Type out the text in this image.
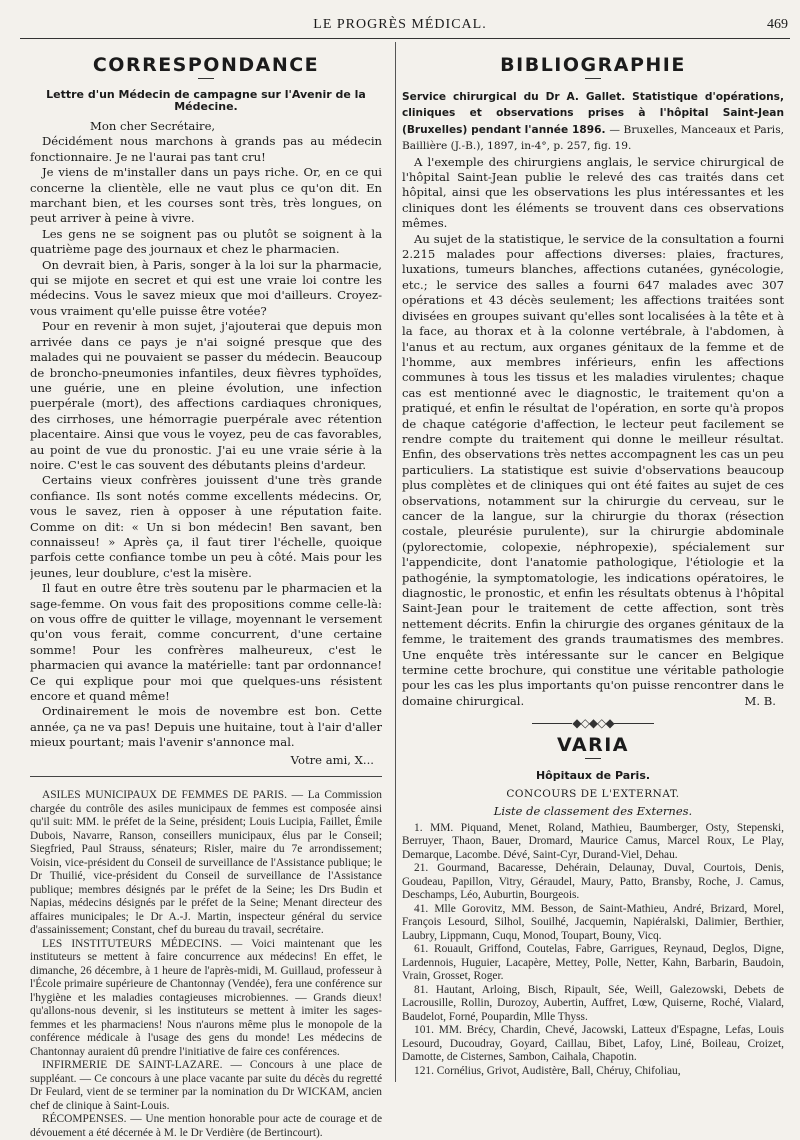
LE PROGRÈS MÉDICAL.	469
CORRESPONDANCE
Lettre d'un Médecin de campagne sur l'Avenir de la Médecine.

Mon cher Secrétaire,

Décidément nous marchons à grands pas au médecin fonctionnaire. Je ne l'aurai pas tant cru!

Je viens de m'installer dans un pays riche. Or, en ce qui concerne la clientèle, elle ne vaut plus ce qu'on dit. En marchant bien, et les courses sont très, très longues, on peut arriver à peine à vivre.

Les gens ne se soignent pas ou plutôt se soignent à la quatrième page des journaux et chez le pharmacien.

On devrait bien, à Paris, songer à la loi sur la pharmacie, qui se mijote en secret et qui est une vraie loi contre les médecins. Vous le savez mieux que moi d'ailleurs. Croyez-vous vraiment qu'elle puisse être votée?

Pour en revenir à mon sujet, j'ajouterai que depuis mon arrivée dans ce pays je n'ai soigné presque que des malades qui ne pouvaient se passer du médecin. Beaucoup de broncho-pneumonies infantiles, deux fièvres typhoïdes, une guérie, une en pleine évolution, une infection puerpérale (mort), des affections cardiaques chroniques, des cirrhoses, une hémorragie puerpérale avec rétention placentaire. Ainsi que vous le voyez, peu de cas favorables, au point de vue du pronostic. J'ai eu une vraie série à la noire. C'est le cas souvent des débutants pleins d'ardeur.

Certains vieux confrères jouissent d'une très grande confiance. Ils sont notés comme excellents médecins. Or, vous le savez, rien à opposer à une réputation faite. Comme on dit: « Un si bon médecin! Ben savant, ben connaisseu! » Après ça, il faut tirer l'échelle, quoique parfois cette confiance tombe un peu à côté. Mais pour les jeunes, leur doublure, c'est la misère.

Il faut en outre être très soutenu par le pharmacien et la sage-femme. On vous fait des propositions comme celle-là: on vous offre de quitter le village, moyennant le versement qu'on vous ferait, comme concurrent, d'une certaine somme! Pour les confrères malheureux, c'est le pharmacien qui avance la matérielle: tant par ordonnance! Ce qui explique pour moi que quelques-uns résistent encore et quand même!

Ordinairement le mois de novembre est bon. Cette année, ça ne va pas! Depuis une huitaine, tout à l'air d'aller mieux pourtant; mais l'avenir s'annonce mal.

Votre ami, X...

ASILES MUNICIPAUX DE FEMMES DE PARIS. — La Commission chargée du contrôle des asiles municipaux de femmes est composée ainsi qu'il suit: MM. le préfet de la Seine, président; Louis Lucipia, Faillet, Émile Dubois, Navarre, Ranson, conseillers municipaux, élus par le Conseil; Siegfried, Paul Strauss, sénateurs; Risler, maire du 7e arrondissement; Voisin, vice-président du Conseil de surveillance de l'Assistance publique; le Dr Thuilié, vice-président du Conseil de surveillance de l'Assistance publique; membres désignés par le préfet de la Seine; les Drs Budin et Napias, médecins désignés par le préfet de la Seine; Menant directeur des affaires municipales; le Dr A.-J. Martin, inspecteur général du service d'assainissement; Constant, chef du bureau du travail, secrétaire.

LES INSTITUTEURS MÉDECINS. — Voici maintenant que les instituteurs se mettent à faire concurrence aux médecins! En effet, le dimanche, 26 décembre, à 1 heure de l'après-midi, M. Guillaud, professeur à l'École primaire supérieure de Chantonnay (Vendée), fera une conférence sur l'hygiène et les maladies contagieuses microbiennes. — Grands dieux! qu'allons-nous devenir, si les instituteurs se mettent à imiter les sages-femmes et les pharmaciens! Nous n'aurons même plus le monopole de la conférence médicale à l'usage des gens du monde! Les médecins de Chantonnay auraient dû prendre l'initiative de faire ces conférences.

INFIRMERIE DE SAINT-LAZARE. — Concours à une place de suppléant. — Ce concours à une place vacante par suite du décès du regretté Dr Feulard, vient de se terminer par la nomination du Dr WICKAM, ancien chef de clinique à Saint-Louis.

RÉCOMPENSES. — Une mention honorable pour acte de courage et de dévouement a été décernée à M. le Dr Verdière (de Bertincourt).

BIBLIOGRAPHIE

Service chirurgical du Dr A. Gallet. Statistique d'opérations, cliniques et observations prises à l'hôpital Saint-Jean (Bruxelles) pendant l'année 1896. — Bruxelles, Manceaux et Paris, Baillière (J.-B.), 1897, in-4°, p. 257, fig. 19.

A l'exemple des chirurgiens anglais, le service chirurgical de l'hôpital Saint-Jean publie le relevé des cas traités dans cet hôpital, ainsi que les observations les plus intéressantes et les cliniques dont les éléments se trouvent dans ces observations mêmes.

Au sujet de la statistique, le service de la consultation a fourni 2.215 malades pour affections diverses: plaies, fractures, luxations, tumeurs blanches, affections cutanées, gynécologie, etc.; le service des salles a fourni 647 malades avec 307 opérations et 43 décès seulement; les affections traitées sont divisées en groupes suivant qu'elles sont localisées à la tête et à la face, au thorax et à la colonne vertébrale, à l'abdomen, à l'anus et au rectum, aux organes génitaux de la femme et de l'homme, aux membres inférieurs, enfin les affections communes à tous les tissus et les maladies virulentes; chaque cas est mentionné avec le diagnostic, le traitement qu'on a pratiqué, et enfin le résultat de l'opération, en sorte qu'à propos de chaque catégorie d'affection, le lecteur peut facilement se rendre compte du traitement qui donne le meilleur résultat. Enfin, des observations très nettes accompagnent les cas un peu particuliers. La statistique est suivie d'observations beaucoup plus complètes et de cliniques qui ont été faites au sujet de ces observations, notamment sur la chirurgie du cerveau, sur le cancer de la langue, sur la chirurgie du thorax (résection costale, pleurésie purulente), sur la chirurgie abdominale (pylorectomie, colopexie, néphropexie), spécialement sur l'appendicite, dont l'anatomie pathologique, l'étiologie et la pathogénie, la symptomatologie, les indications opératoires, le diagnostic, le pronostic, et enfin les résultats obtenus à l'hôpital Saint-Jean pour le traitement de cette affection, sont très nettement décrits. Enfin la chirurgie des organes génitaux de la femme, le traitement des grands traumatismes des membres. Une enquête très intéressante sur le cancer en Belgique termine cette brochure, qui constitue une véritable pathologie pour les cas les plus importants qu'on puisse rencontrer dans le domaine chirurgical.	M. B.
◆◇◆◇◆
VARIA
Hôpitaux de Paris.
CONCOURS DE L'EXTERNAT.
Liste de classement des Externes.

1. MM. Piquand, Menet, Roland, Mathieu, Baumberger, Osty, Stepenski, Berruyer, Thaon, Bauer, Dromard, Maurice Camus, Marcel Roux, Le Play, Demarque, Lacombe. Dévé, Saint-Cyr, Durand-Viel, Dehau.

21. Gourmand, Bacaresse, Dehérain, Delaunay, Duval, Courtois, Denis, Goudeau, Papillon, Vitry, Géraudel, Maury, Patto, Bransby, Roche, J. Camus, Deschamps, Léo, Auburtin, Bourgeois.

41. Mlle Gorovitz, MM. Besson, de Saint-Mathieu, André, Brizard, Morel, François Lesourd, Silhol, Souilhé, Jacquemin, Napiéralski, Dalimier, Berthier, Laubry, Lippmann, Cuqu, Monod, Toupart, Bouny, Vicq.

61. Rouault, Griffond, Coutelas, Fabre, Garrigues, Reynaud, Deglos, Digne, Lardennois, Huguier, Lacapère, Mettey, Polle, Netter, Kahn, Barbarin, Baudoin, Vrain, Grosset, Roger.

81. Hautant, Arloing, Bisch, Ripault, Sée, Weill, Galezowski, Debets de Lacrousille, Rollin, Durozoy, Aubertin, Auffret, Lœw, Quiserne, Roché, Vialard, Baudelot, Forné, Poupardin, Mlle Thyss.

101. MM. Brécy, Chardin, Chevé, Jacowski, Latteux d'Espagne, Lefas, Louis Lesourd, Ducoudray, Goyard, Caillau, Bibet, Lafoy, Liné, Boileau, Croizet, Damotte, de Cisternes, Sambon, Caihala, Chapotin.

121. Cornélius, Grivot, Audistère, Ball, Chéruy, Chifoliau,
